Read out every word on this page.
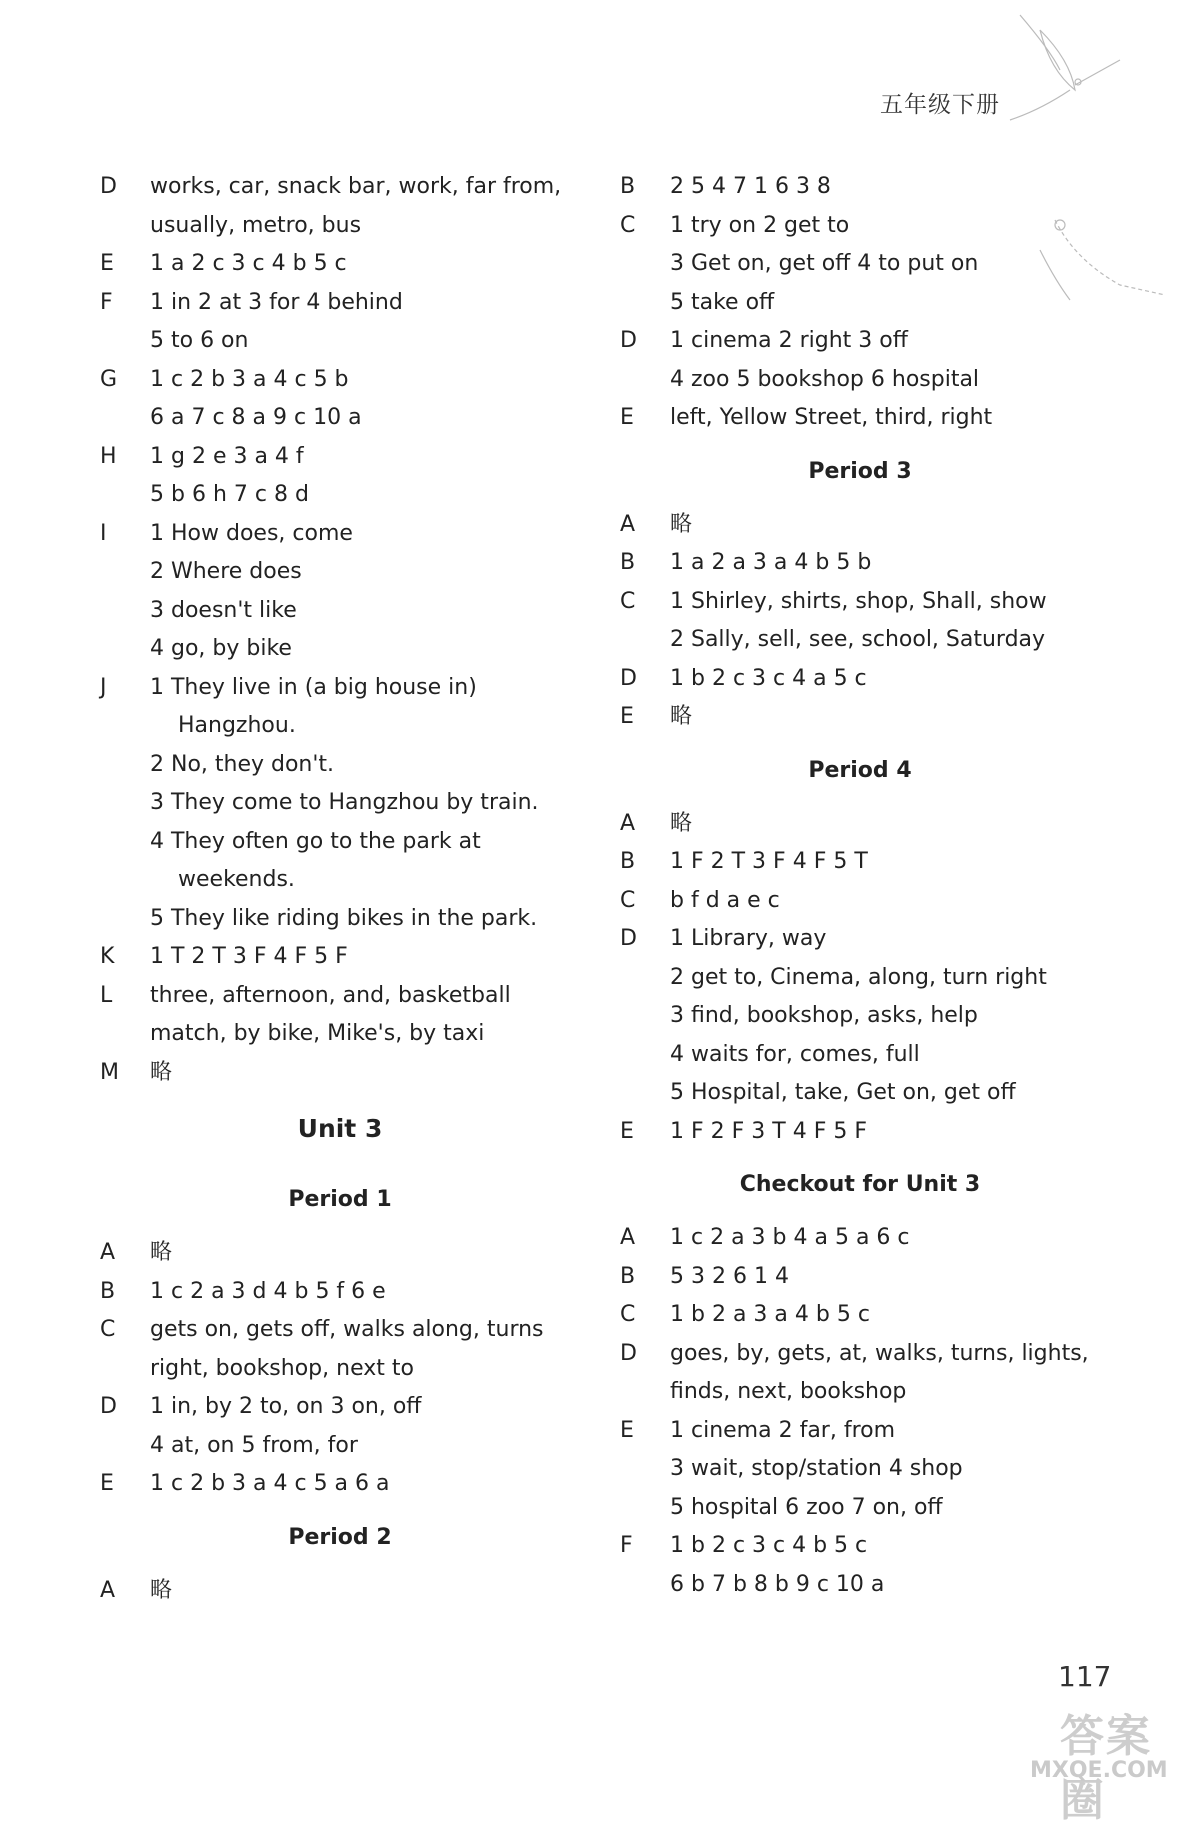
五年级下册
D	works, car, snack bar, work, far from,
usually, metro, bus
E	1 a 2 c 3 c 4 b 5 c
F	1 in 2 at 3 for 4 behind
5 to 6 on
G	1 c 2 b 3 a 4 c 5 b
6 a 7 c 8 a 9 c 10 a
H	1 g 2 e 3 a 4 f
5 b 6 h 7 c 8 d
I	1 How does, come
2 Where does
3 doesn't like
4 go, by bike
J	1 They live in (a big house in)
Hangzhou.
2 No, they don't.
3 They come to Hangzhou by train.
4 They often go to the park at
weekends.
5 They like riding bikes in the park.
K	1 T 2 T 3 F 4 F 5 F
L	three, afternoon, and, basketball
match, by bike, Mike's, by taxi
M	略
Unit 3
Period 1
A	略
B	1 c 2 a 3 d 4 b 5 f 6 e
C	gets on, gets off, walks along, turns
right, bookshop, next to
D	1 in, by 2 to, on 3 on, off
4 at, on 5 from, for
E	1 c 2 b 3 a 4 c 5 a 6 a
Period 2
A	略
B	2 5 4 7 1 6 3 8
C	1 try on 2 get to
3 Get on, get off 4 to put on
5 take off
D	1 cinema 2 right 3 off
4 zoo 5 bookshop 6 hospital
E	left, Yellow Street, third, right
Period 3
A	略
B	1 a 2 a 3 a 4 b 5 b
C	1 Shirley, shirts, shop, Shall, show
2 Sally, sell, see, school, Saturday
D	1 b 2 c 3 c 4 a 5 c
E	略
Period 4
A	略
B	1 F 2 T 3 F 4 F 5 T
C	b f d a e c
D	1 Library, way
2 get to, Cinema, along, turn right
3 find, bookshop, asks, help
4 waits for, comes, full
5 Hospital, take, Get on, get off
E	1 F 2 F 3 T 4 F 5 F
Checkout for Unit 3
A	1 c 2 a 3 b 4 a 5 a 6 c
B	5 3 2 6 1 4
C	1 b 2 a 3 a 4 b 5 c
D	goes, by, gets, at, walks, turns, lights,
finds, next, bookshop
E	1 cinema 2 far, from
3 wait, stop/station 4 shop
5 hospital 6 zoo 7 on, off
F	1 b 2 c 3 c 4 b 5 c
6 b 7 b 8 b 9 c 10 a
117
答案圈
MXQE.COM
